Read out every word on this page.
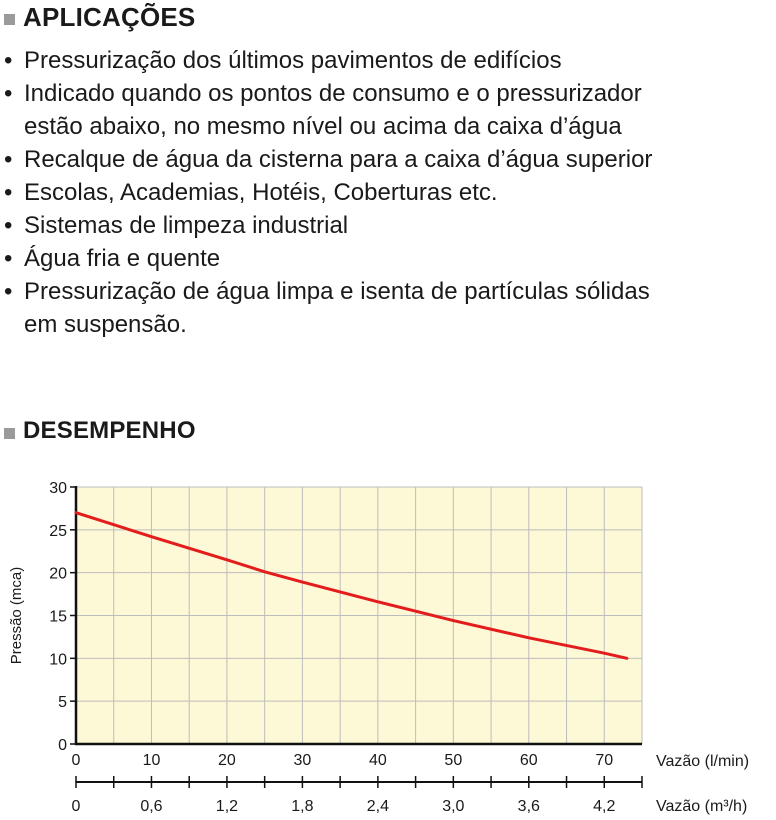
APLICAÇÕES
• Pressurização dos últimos pavimentos de edifícios
• Indicado quando os pontos de consumo e o pressurizador
estão abaixo, no mesmo nível ou acima da caixa d’água
• Recalque de água da cisterna para a caixa d’água superior
• Escolas, Academias, Hotéis, Coberturas etc.
• Sistemas de limpeza industrial
• Água fria e quente
• Pressurização de água limpa e isenta de partículas sólidas
em suspensão.
DESEMPENHO
0
5
10
15
20
25
30
0	10	20	30	40	50	60	70
0	0,6	1,2	1,8	2,4	3,0	3,6	4,2
Pressão (mca)
Vazão (l/min)
Vazão (m³/h)
